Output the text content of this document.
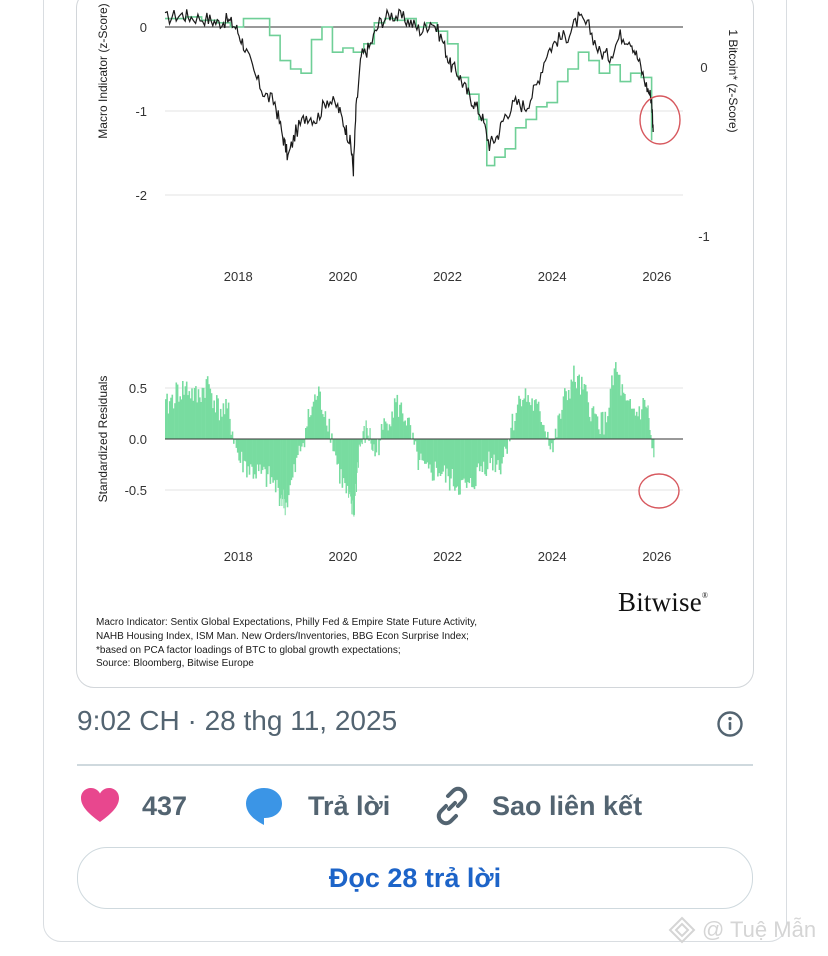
0
-1
-2
0
-1
Macro Indicator (z-Score)	1 Bitcoin* (z-Score)
2018	2020	2022	2024	2026
0.5
0.0
-0.5
Standardized Residuals
2018	2020	2022	2024	2026
Bitwise®
Macro Indicator: Sentix Global Expectations, Philly Fed & Empire State Future Activity,
NAHB Housing Index, ISM Man. New Orders/Inventories, BBG Econ Surprise Index;
*based on PCA factor loadings of BTC to global growth expectations;
Source: Bloomberg, Bitwise Europe
9:02 CH · 28 thg 11, 2025
437	Trả lời	Sao liên kết
Đọc 28 trả lời
@ Tuệ Mẫn
